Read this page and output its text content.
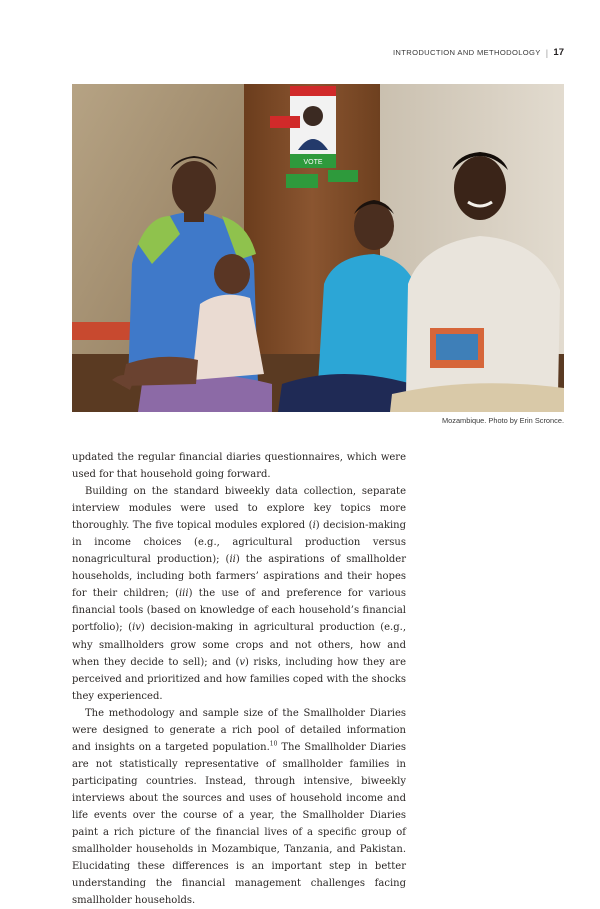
INTRODUCTION AND METHODOLOGY | 17
VOTE
Mozambique. Photo by Erin Scronce.

updated the regular financial diaries questionnaires, which were used for that household going forward.

Building on the standard biweekly data collection, separate interview modules were used to explore key topics more thoroughly. The five topical modules explored (i) decision-making in income choices (e.g., agricultural production versus nonagricultural production); (ii) the aspirations of smallholder households, including both farmers’ aspirations and their hopes for their children; (iii) the use of and preference for various financial tools (based on knowledge of each household’s financial portfolio); (iv) decision-making in agricultural production (e.g., why smallholders grow some crops and not others, how and when they decide to sell); and (v) risks, including how they are perceived and prioritized and how families coped with the shocks they experienced.

The methodology and sample size of the Smallholder Diaries were designed to generate a rich pool of detailed information and insights on a targeted population.$^{10}$ The Smallholder Diaries are not statistically representative of smallholder families in participating countries. Instead, through intensive, biweekly interviews about the sources and uses of household income and life events over the course of a year, the Smallholder Diaries paint a rich picture of the financial lives of a specific group of smallholder households in Mozambique, Tanzania, and Pakistan. Elucidating these differences is an important step in better understanding the financial management challenges facing smallholder households.
